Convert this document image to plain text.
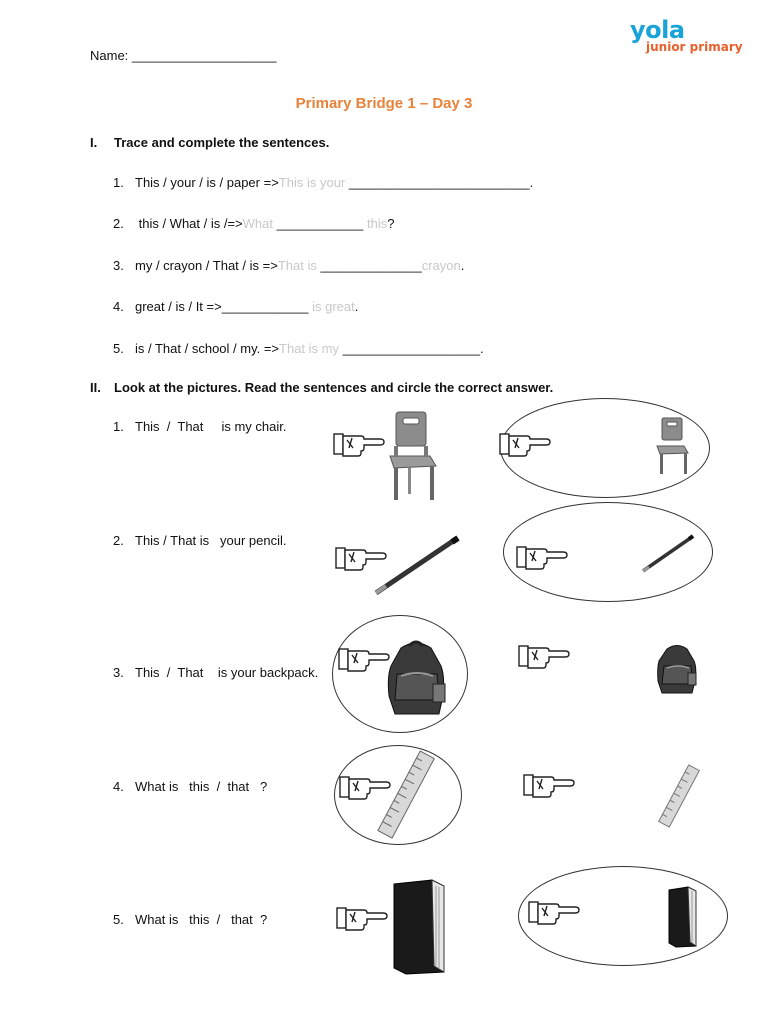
yola
junior primary
Name: ____________________
Primary Bridge 1 – Day 3
I. Trace and complete the sentences.
1. This / your / is / paper =>This is your _________________________.
2. this / What / is /=>What ____________ this?
3. my / crayon / That / is =>That is ______________crayon.
4. great / is / It =>____________ is great.
5. is / That / school / my. =>That is my ___________________.
II. Look at the pictures. Read the sentences and circle the correct answer.
1. This  /  That     is my chair.
2. This / That is   your pencil.
3. This  /  That    is your backpack.
4. What is   this  /  that   ?
5. What is   this  /   that  ?
